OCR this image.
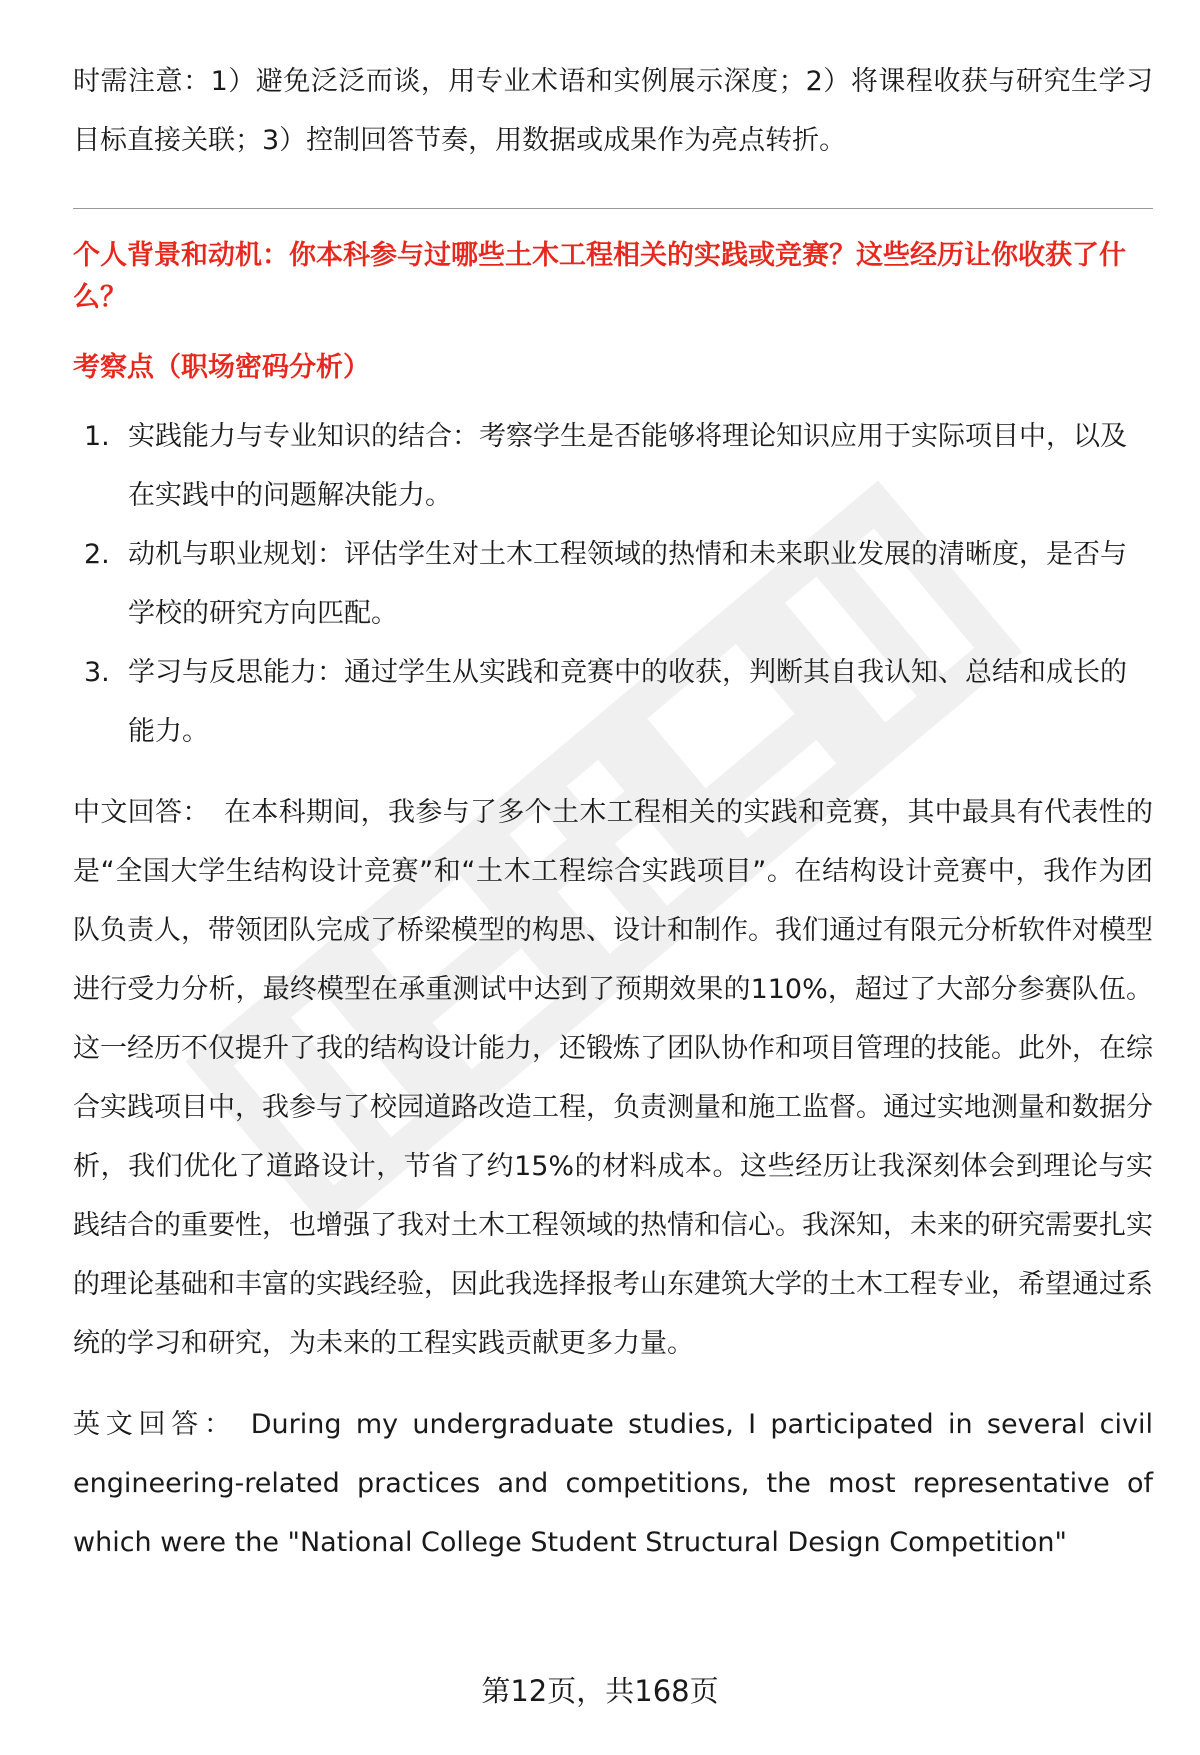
时需注意：1）避免泛泛而谈，用专业术语和实例展示深度；2）将课程收获与研究生学习目标直接关联；3）控制回答节奏，用数据或成果作为亮点转折。

个人背景和动机：你本科参与过哪些土木工程相关的实践或竞赛？这些经历让你收获了什么？

考察点（职场密码分析）

1. 实践能力与专业知识的结合：考察学生是否能够将理论知识应用于实际项目中，以及在实践中的问题解决能力。
2. 动机与职业规划：评估学生对土木工程领域的热情和未来职业发展的清晰度，是否与学校的研究方向匹配。
3. 学习与反思能力：通过学生从实践和竞赛中的收获，判断其自我认知、总结和成长的能力。

中文回答： 在本科期间，我参与了多个土木工程相关的实践和竞赛，其中最具有代表性的是“全国大学生结构设计竞赛”和“土木工程综合实践项目”。在结构设计竞赛中，我作为团队负责人，带领团队完成了桥梁模型的构思、设计和制作。我们通过有限元分析软件对模型进行受力分析，最终模型在承重测试中达到了预期效果的110%，超过了大部分参赛队伍。这一经历不仅提升了我的结构设计能力，还锻炼了团队协作和项目管理的技能。此外，在综合实践项目中，我参与了校园道路改造工程，负责测量和施工监督。通过实地测量和数据分析，我们优化了道路设计，节省了约15%的材料成本。这些经历让我深刻体会到理论与实践结合的重要性，也增强了我对土木工程领域的热情和信心。我深知，未来的研究需要扎实的理论基础和丰富的实践经验，因此我选择报考山东建筑大学的土木工程专业，希望通过系统的学习和研究，为未来的工程实践贡献更多力量。

英文回答： During my undergraduate studies, I participated in several civil engineering-related practices and competitions, the most representative of which were the "National College Student Structural Design Competition"

第12页，共168页
